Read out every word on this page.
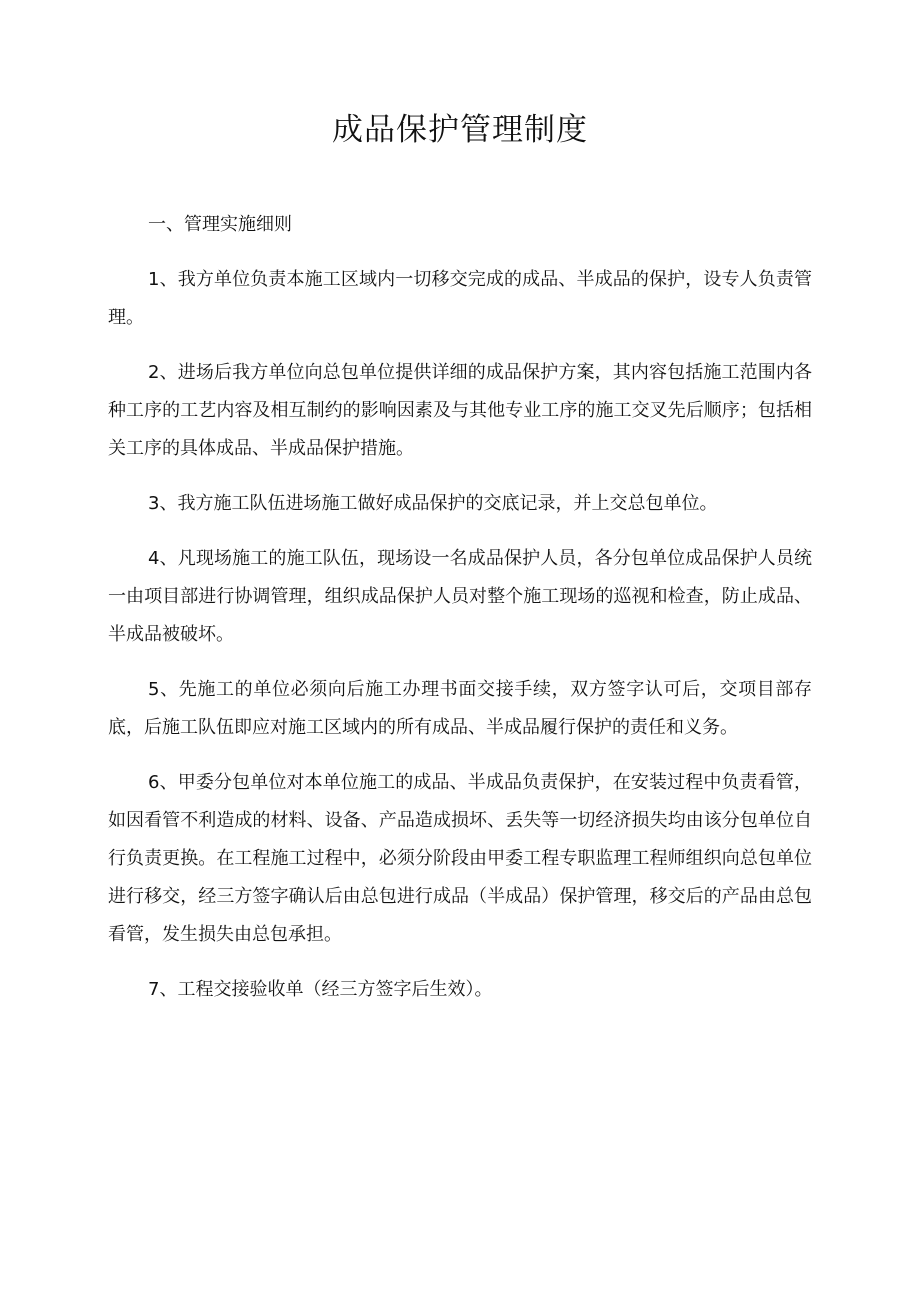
成品保护管理制度

一、管理实施细则

1、我方单位负责本施工区域内一切移交完成的成品、半成品的保护，设专人负责管理。

2、进场后我方单位向总包单位提供详细的成品保护方案，其内容包括施工范围内各种工序的工艺内容及相互制约的影响因素及与其他专业工序的施工交叉先后顺序；包括相关工序的具体成品、半成品保护措施。

3、我方施工队伍进场施工做好成品保护的交底记录，并上交总包单位。

4、凡现场施工的施工队伍，现场设一名成品保护人员，各分包单位成品保护人员统一由项目部进行协调管理，组织成品保护人员对整个施工现场的巡视和检查，防止成品、半成品被破坏。

5、先施工的单位必须向后施工办理书面交接手续，双方签字认可后，交项目部存底，后施工队伍即应对施工区域内的所有成品、半成品履行保护的责任和义务。

6、甲委分包单位对本单位施工的成品、半成品负责保护，在安装过程中负责看管，如因看管不利造成的材料、设备、产品造成损坏、丢失等一切经济损失均由该分包单位自行负责更换。在工程施工过程中，必须分阶段由甲委工程专职监理工程师组织向总包单位进行移交，经三方签字确认后由总包进行成品（半成品）保护管理，移交后的产品由总包看管，发生损失由总包承担。

7、工程交接验收单（经三方签字后生效）。
